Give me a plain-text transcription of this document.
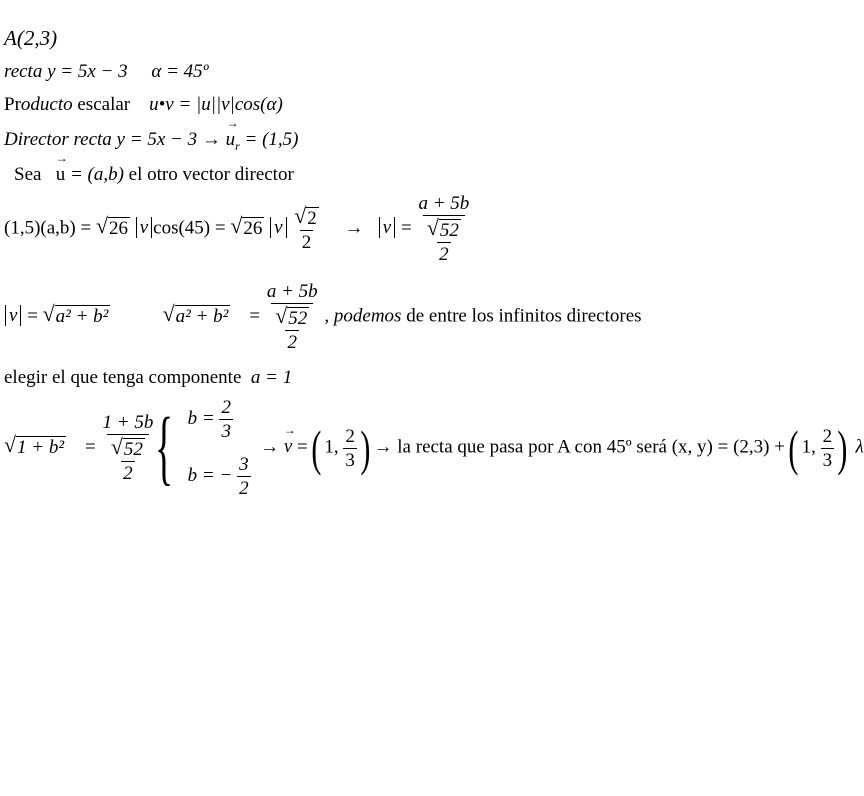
A(2,3)
recta y = 5x − 3 α = 45º
Producto escalar u•v = |u||v|cos(α)
Director recta y = 5x − 3 → → $u_r = (1,5)$
Sea → u = (a,b) el otro vector director
(1,5)(a,b) = √ 26 v cos(45) = √ 26 v $\frac{√ 2}{2} \to v = \frac{a + 5b}{\frac{√ 52}{2}}$
v = √ a² + b²
√ $a^2 + b^2 = \frac{a + 5b}{\frac{√ 52}{2}}$ , podemos de entre los infinitos directores
elegir el que tenga componente a = 1
√ $1 + b^2 = \frac{1 + 5b}{\frac{√ 52}{2}}$ { $b = \frac{2}{3}$
b = − $\frac{3}{2}$
→ → v =( 1, $\frac{2}{3}$ ) → la recta que pasa por A con 45º será (x, y) = (2,3) +( 1, $\frac{2}{3}$ ) λ
